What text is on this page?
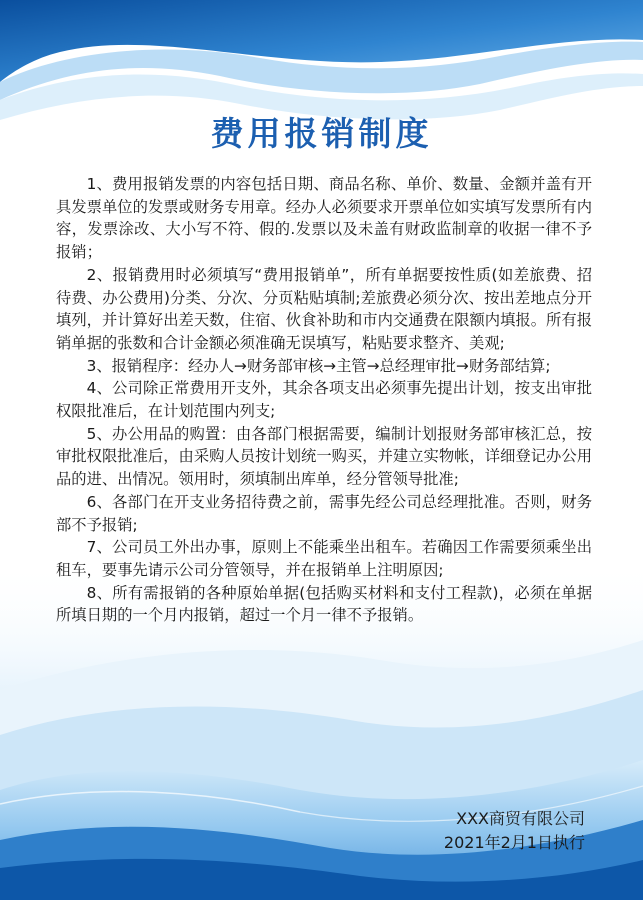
费用报销制度

1、费用报销发票的内容包括日期、商品名称、单价、数量、金额并盖有开具发票单位的发票或财务专用章。经办人必须要求开票单位如实填写发票所有内容，发票涂改、大小写不符、假的.发票以及未盖有财政监制章的收据一律不予报销；

2、报销费用时必须填写“费用报销单”，所有单据要按性质(如差旅费、招待费、办公费用)分类、分次、分页粘贴填制;差旅费必须分次、按出差地点分开填列，并计算好出差天数，住宿、伙食补助和市内交通费在限额内填报。所有报销单据的张数和合计金额必须准确无误填写，粘贴要求整齐、美观;

3、报销程序：经办人→财务部审核→主管→总经理审批→财务部结算;

4、公司除正常费用开支外，其余各项支出必须事先提出计划，按支出审批权限批准后，在计划范围内列支;

5、办公用品的购置：由各部门根据需要，编制计划报财务部审核汇总，按审批权限批准后，由采购人员按计划统一购买，并建立实物帐，详细登记办公用品的进、出情况。领用时，须填制出库单，经分管领导批准;

6、各部门在开支业务招待费之前，需事先经公司总经理批准。否则，财务部不予报销;

7、公司员工外出办事，原则上不能乘坐出租车。若确因工作需要须乘坐出租车，要事先请示公司分管领导，并在报销单上注明原因;

8、所有需报销的各种原始单据(包括购买材料和支付工程款)，必须在单据所填日期的一个月内报销，超过一个月一律不予报销。

XXX商贸有限公司
2021年2月1日执行
